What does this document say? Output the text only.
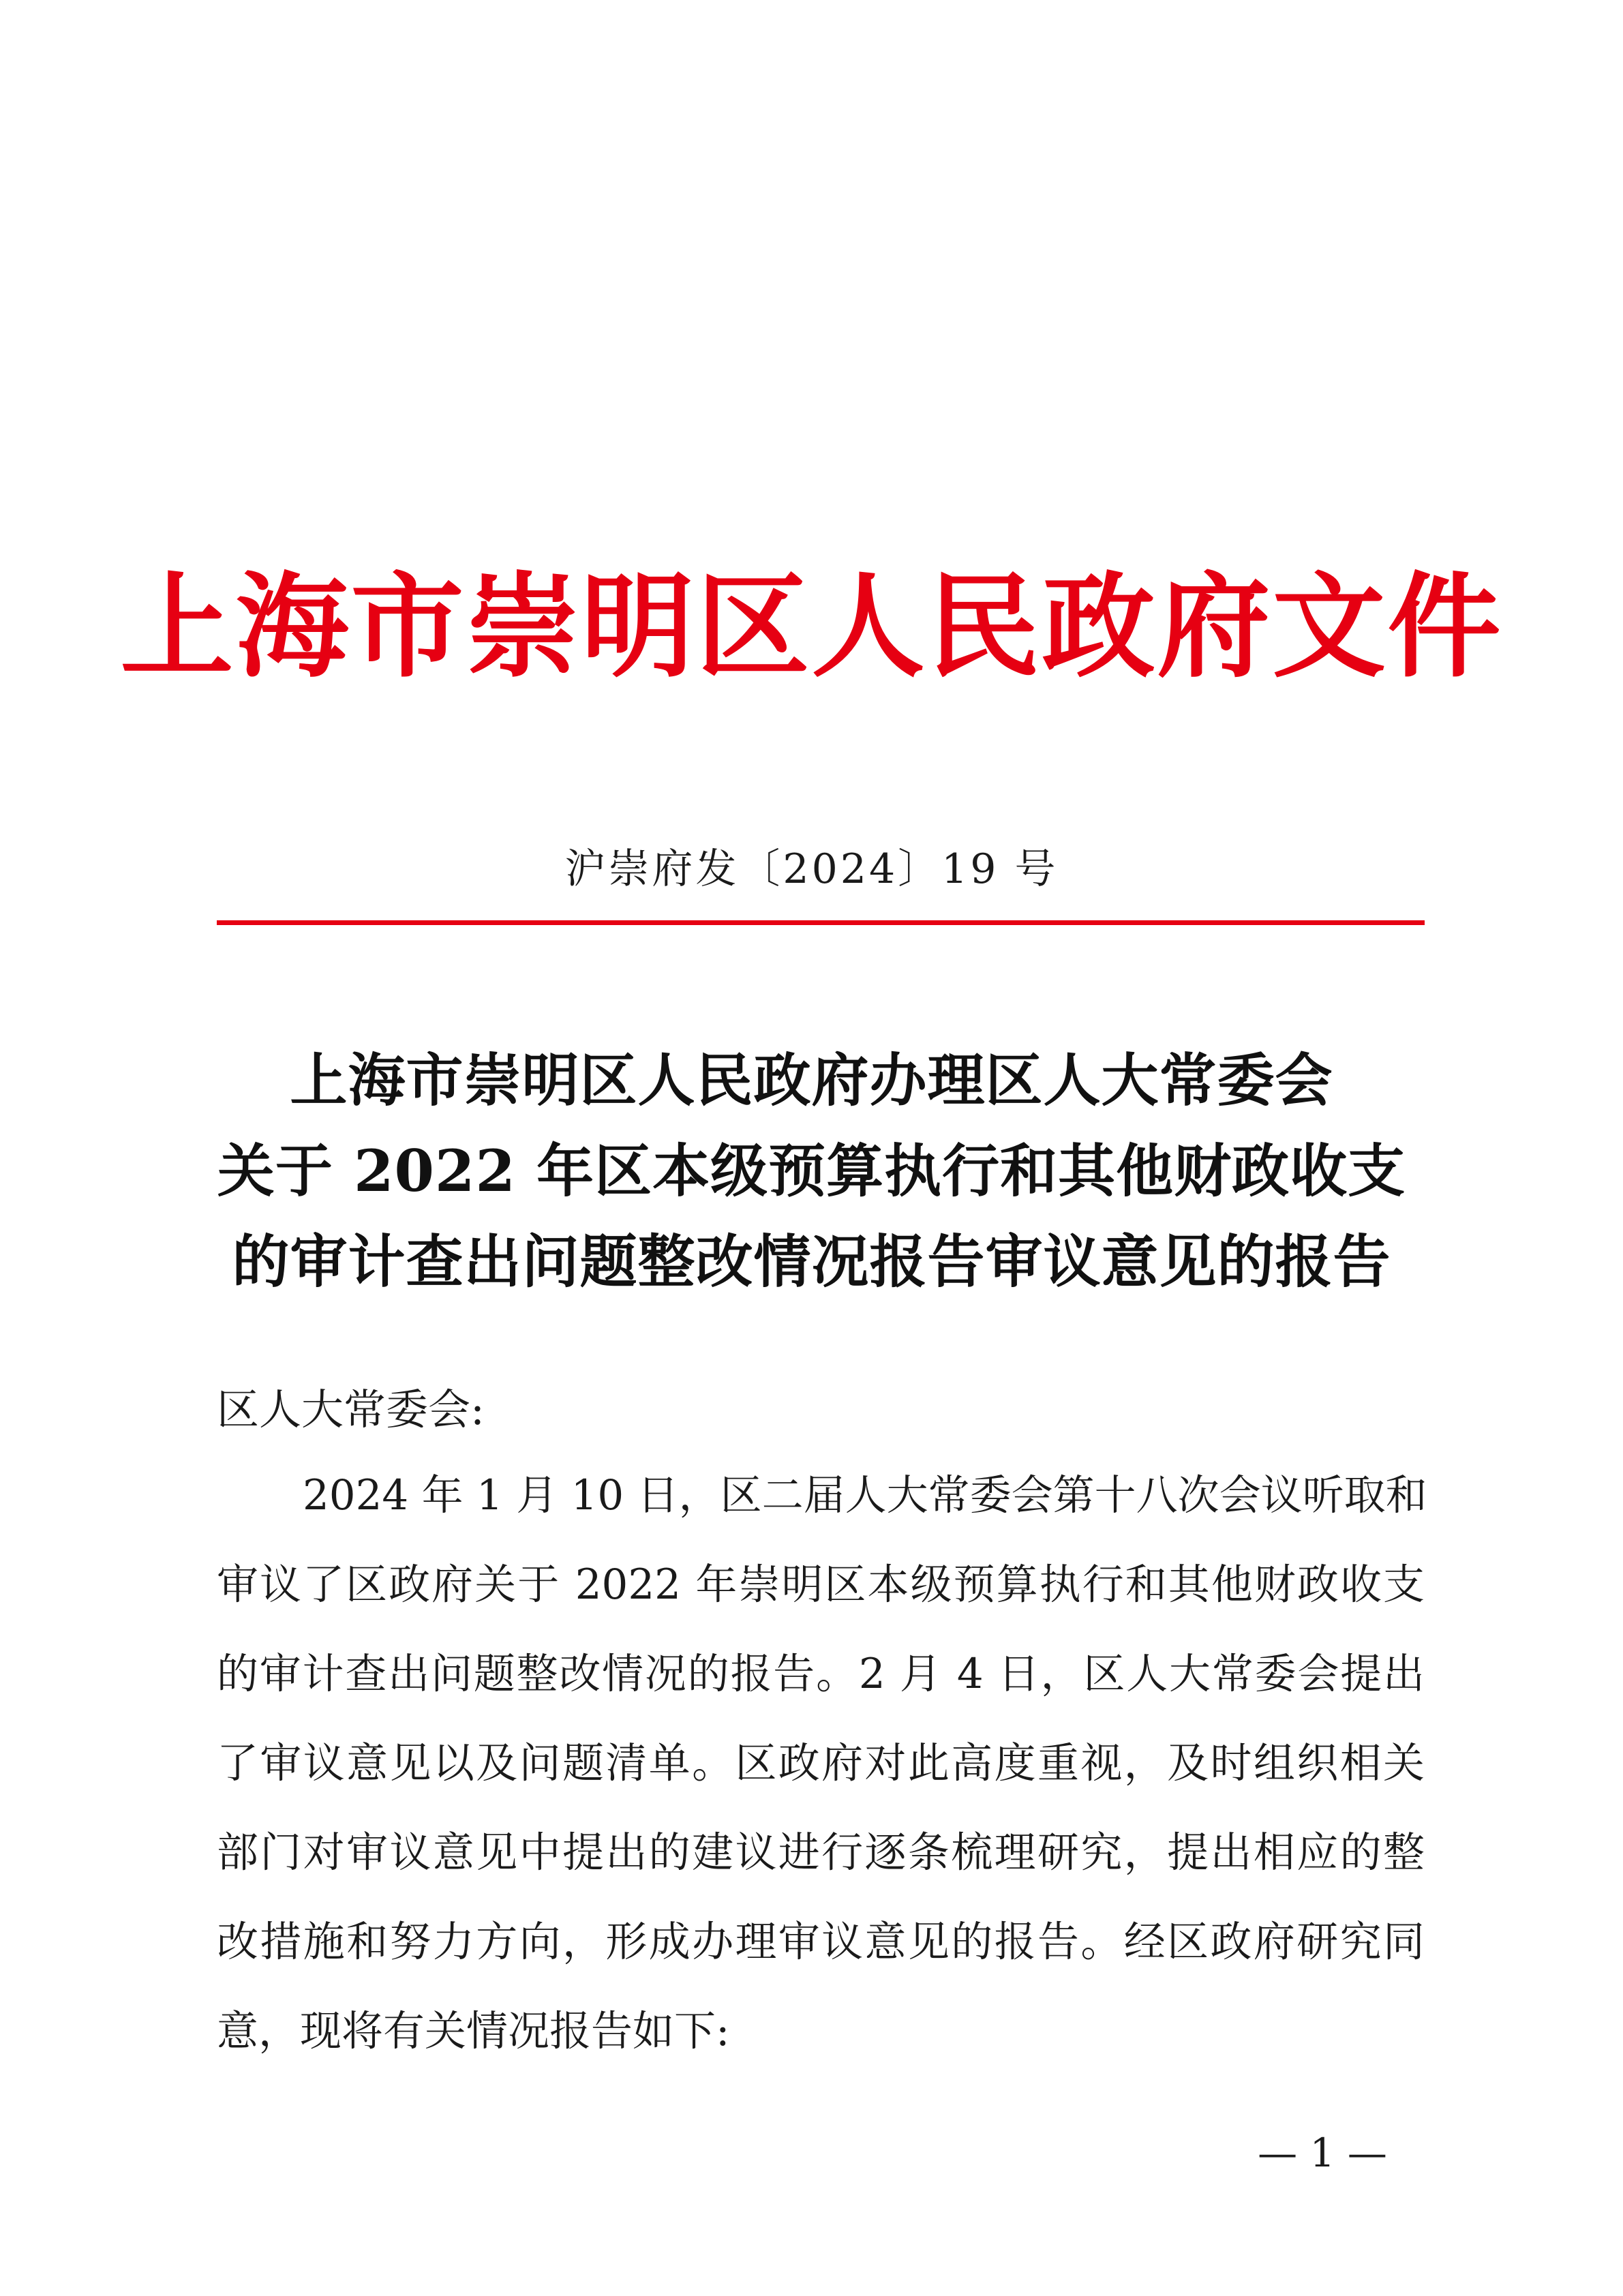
上海市崇明区人民政府文件
沪崇府发〔2024〕19 号
上海市崇明区人民政府办理区人大常委会
关于 2022 年区本级预算执行和其他财政收支
的审计查出问题整改情况报告审议意见的报告
区人大常委会:
2024 年 1 月 10 日，区二届人大常委会第十八次会议听取和
审议了区政府关于 2022 年崇明区本级预算执行和其他财政收支
的审计查出问题整改情况的报告。2 月 4 日，区人大常委会提出
了审议意见以及问题清单。区政府对此高度重视，及时组织相关
部门对审议意见中提出的建议进行逐条梳理研究，提出相应的整
改措施和努力方向，形成办理审议意见的报告。经区政府研究同
意，现将有关情况报告如下:
— 1 —
